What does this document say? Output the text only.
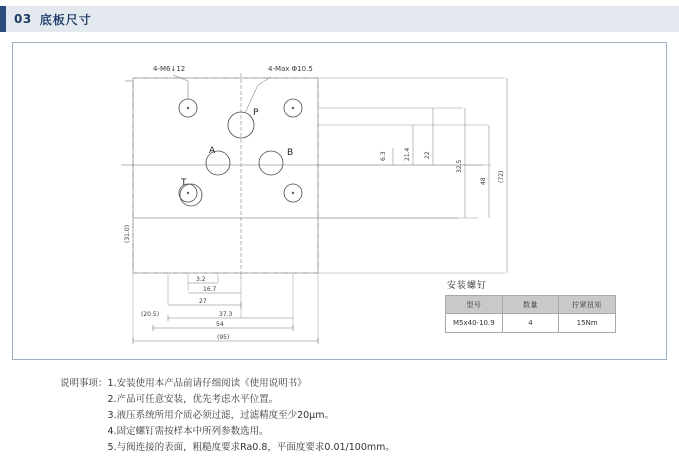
03 底板尺寸
4-M6↓12	4-Max Φ10.5
P
A	B
T
6.3	21.4 22
32.5
48 (72)
(31.0)
3.2
16.7
27
37.3
54
(95)
(20.5)
安装螺钉
型号	数量	拧紧扭矩
M5x40-10.9	4	15Nm
说明事项： 1.安装使用本产品前请仔细阅读《使用说明书》
2.产品可任意安装，优先考虑水平位置。
3.液压系统所用介质必须过滤，过滤精度至少20μm。
4.固定螺钉需按样本中所列参数选用。
5.与阀连接的表面，粗糙度要求Ra0.8，平面度要求0.01/100mm。
